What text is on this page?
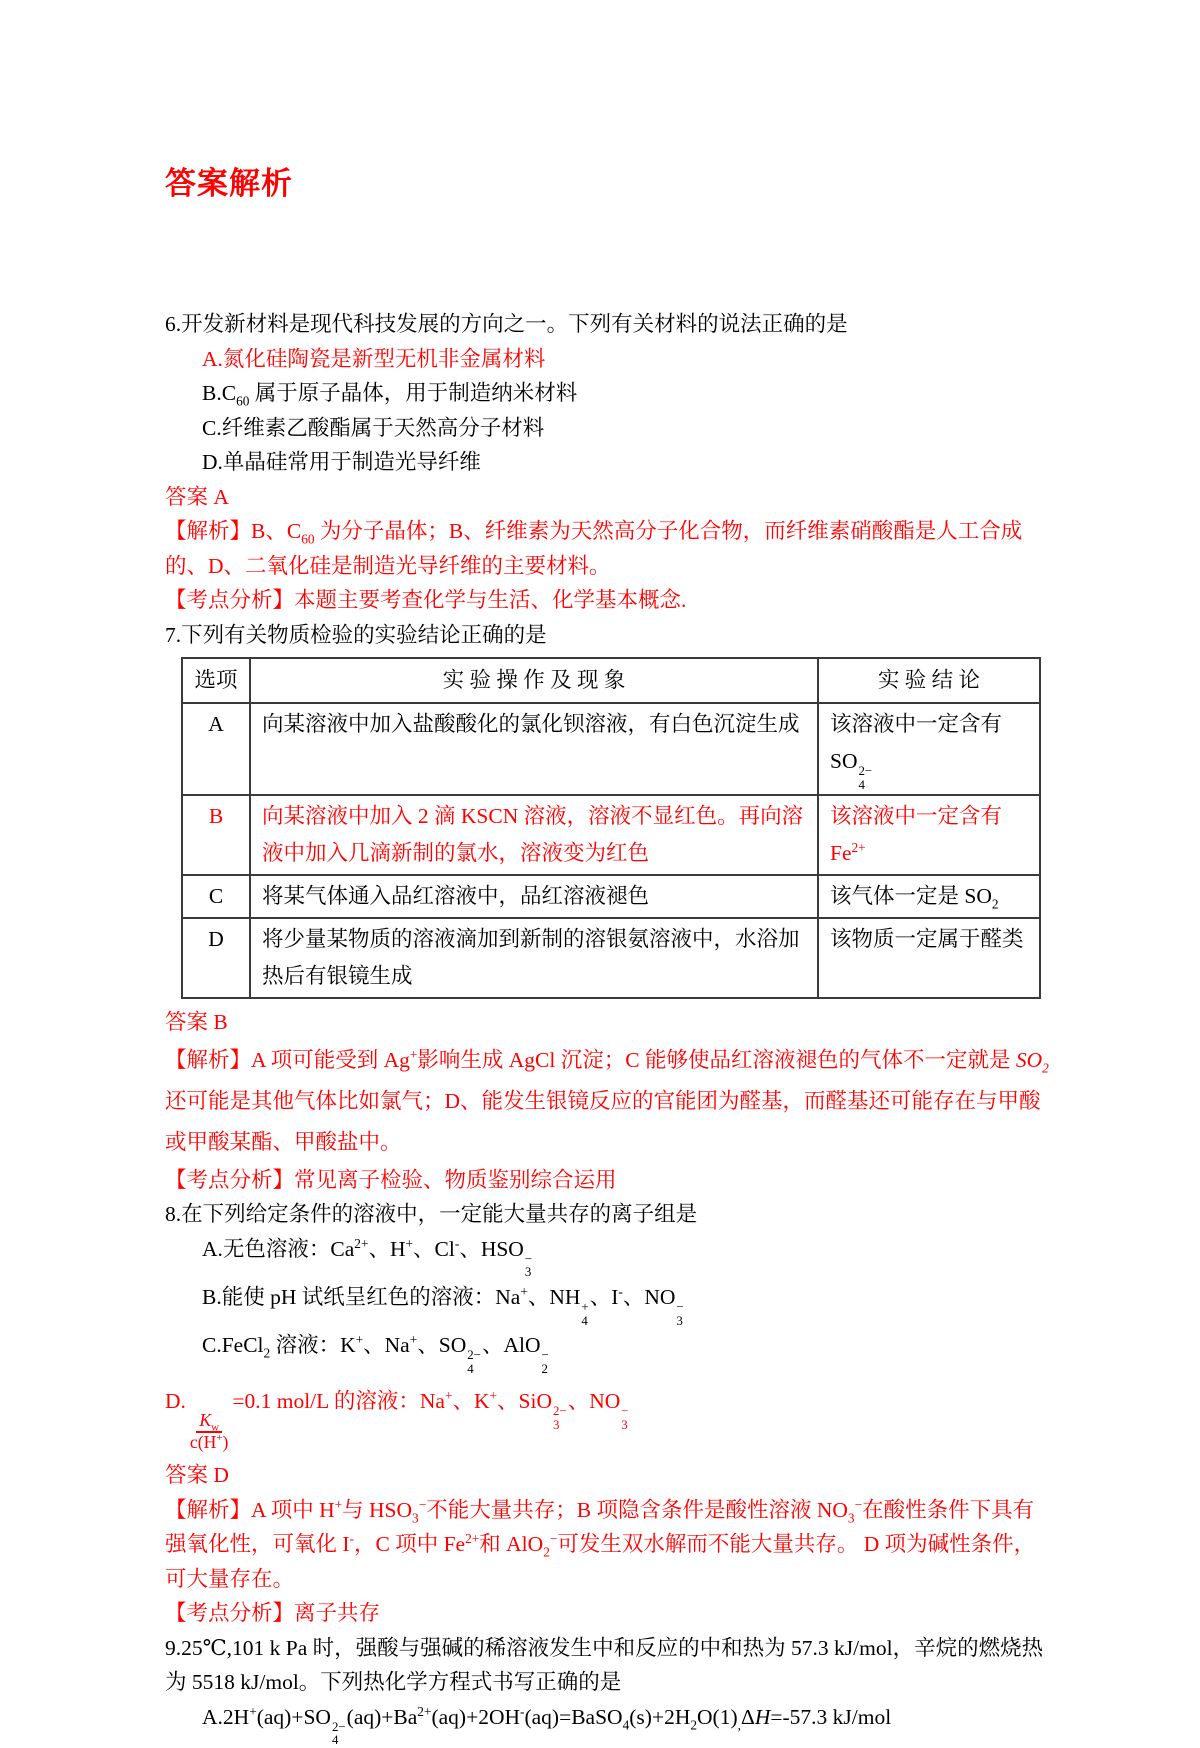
答案解析

6.开发新材料是现代科技发展的方向之一。下列有关材料的说法正确的是

A.氮化硅陶瓷是新型无机非金属材料

$B.C_{60}$ 属于原子晶体，用于制造纳米材料

C.纤维素乙酸酯属于天然高分子材料

D.单晶硅常用于制造光导纤维

答案 A

【解析】B、$C_{60}$ 为分子晶体；B、纤维素为天然高分子化合物，而纤维素硝酸酯是人工合成的、D、二氧化硅是制造光导纤维的主要材料。

【考点分析】本题主要考查化学与生活、化学基本概念.

7.下列有关物质检验的实验结论正确的是

选项	实 验 操 作 及 现 象	实 验 结 论
A	向某溶液中加入盐酸酸化的氯化钡溶液，有白色沉淀生成	该溶液中一定含有 SO 2−
4

B	向某溶液中加入 2 滴 KSCN 溶液，溶液不显红色。再向溶液中加入几滴新制的氯水，溶液变为红色	该溶液中一定含有 $Fe^{2+}$
C	将某气体通入品红溶液中，品红溶液褪色	该气体一定是 $SO_2$
D	将少量某物质的溶液滴加到新制的溶银氨溶液中，水浴加热后有银镜生成	该物质一定属于醛类

答案 B

【解析】A 项可能受到 Ag+影响生成 AgCl 沉淀；C 能够使品红溶液褪色的气体不一定就是 $SO_2$ 还可能是其他气体比如氯气；D、能发生银镜反应的官能团为醛基，而醛基还可能存在与甲酸或甲酸某酯、甲酸盐中。

【考点分析】常见离子检验、物质鉴别综合运用

8.在下列给定条件的溶液中，一定能大量共存的离子组是

A.无色溶液：$Ca^{2+}$、H+、Cl-、HSO −
3

B.能使 pH 试纸呈红色的溶液：Na+、NH +
4
、I-、NO −
3

C.FeCl$_2$ 溶液：K+、Na+、SO 2−
4
、AlO −
2

D.
$\frac{K_w}{c(H^+)}$
=0.1 mol/L 的溶液：Na+、K+、SiO 2−
3
、NO −
3

答案 D

【解析】A 项中 H+与 $HSO_3^-$不能大量共存；B 项隐含条件是酸性溶液 $NO_3^-$在酸性条件下具有强氧化性，可氧化 I-，C 项中 $Fe^{2+}$和 AlO$_2$−可发生双水解而不能大量共存。 D 项为碱性条件，可大量存在。

【考点分析】离子共存

9.25℃,101 k Pa 时，强酸与强碱的稀溶液发生中和反应的中和热为 57.3 kJ/mol，辛烷的燃烧热为 5518 kJ/mol。下列热化学方程式书写正确的是

A.2H+(aq)+SO 2−
4
$(aq)+Ba^{2+}(aq)+2OH^-(aq)=BaSO_4(s)+2H_2O(1)_,\Delta H=-57.3$ kJ/mol
